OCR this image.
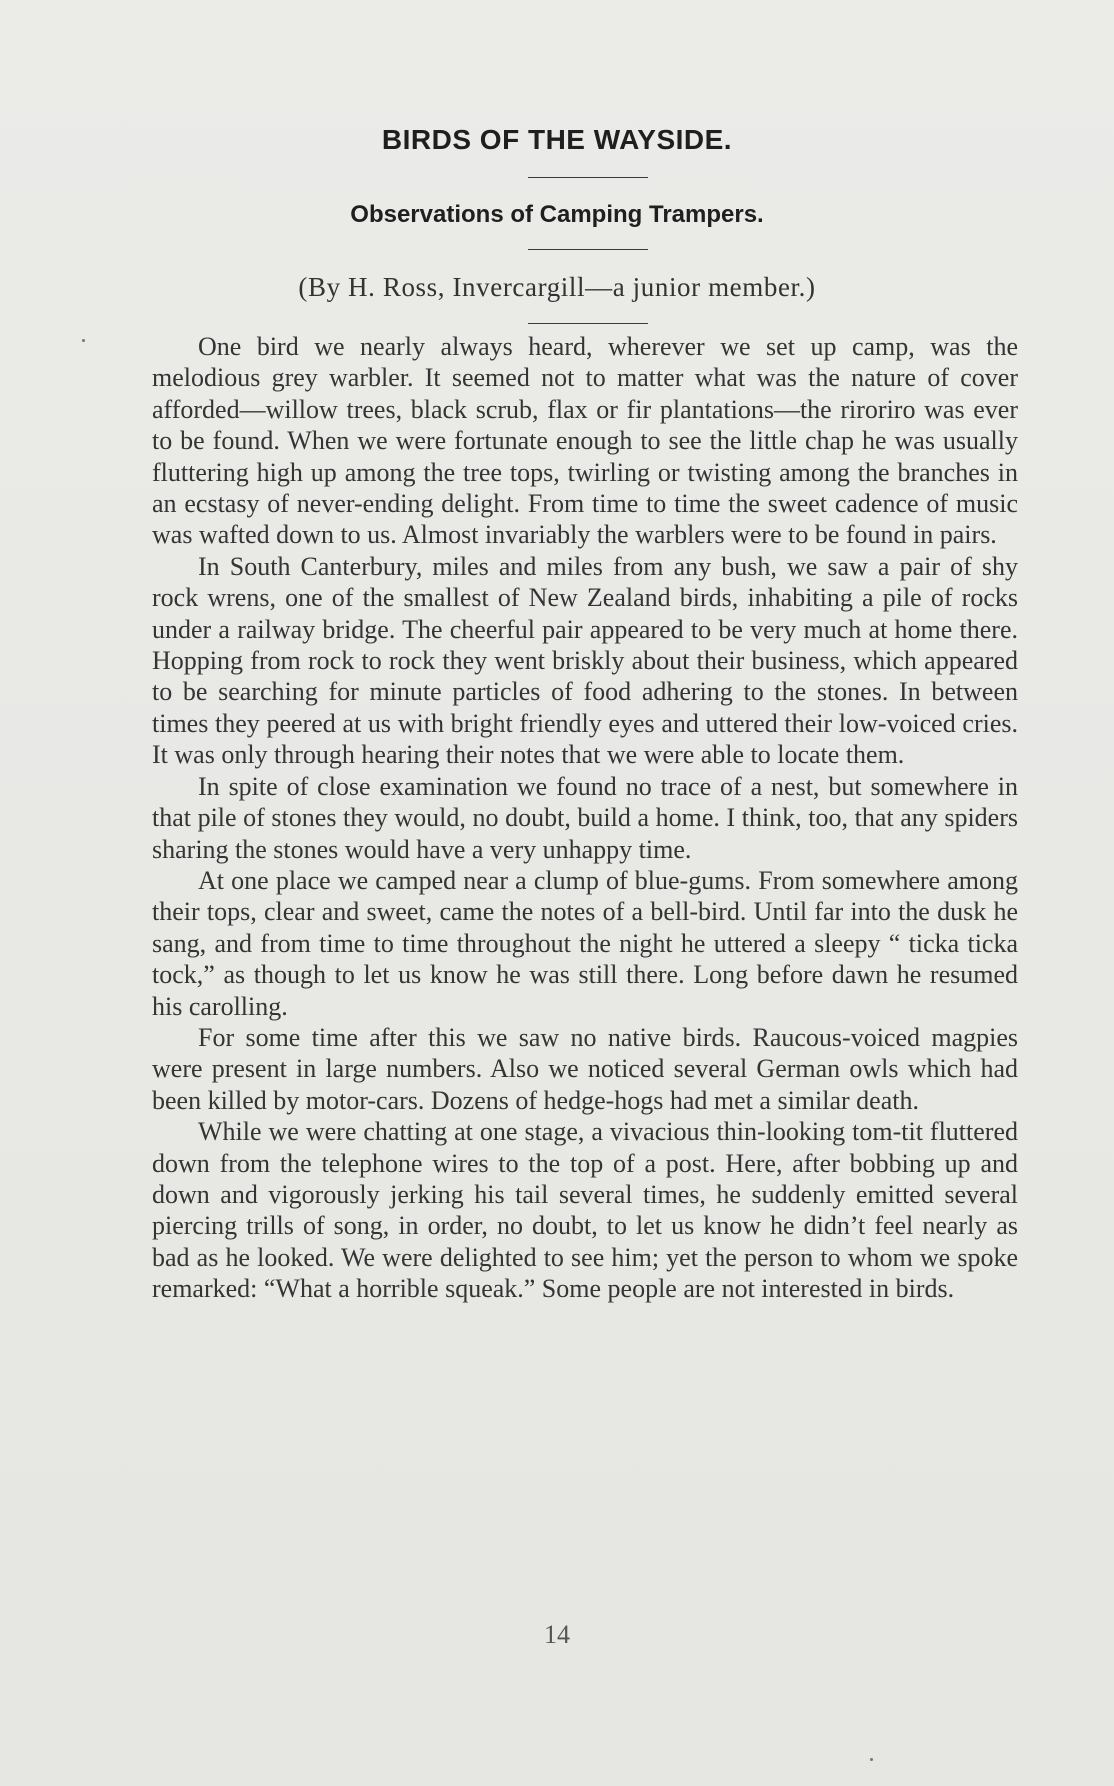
BIRDS OF THE WAYSIDE.
Observations of Camping Trampers.
(By H. Ross, Invercargill—a junior member.)

One bird we nearly always heard, wherever we set up camp, was the melodious grey warbler. It seemed not to matter what was the nature of cover afforded—willow trees, black scrub, flax or fir plantations—the riroriro was ever to be found. When we were fortunate enough to see the little chap he was usually fluttering high up among the tree tops, twirling or twisting among the branches in an ecstasy of never-ending delight. From time to time the sweet cadence of music was wafted down to us. Almost invariably the warblers were to be found in pairs.

In South Canterbury, miles and miles from any bush, we saw a pair of shy rock wrens, one of the smallest of New Zealand birds, inhabiting a pile of rocks under a railway bridge. The cheerful pair appeared to be very much at home there. Hopping from rock to rock they went briskly about their business, which appeared to be searching for minute particles of food adhering to the stones. In between times they peered at us with bright friendly eyes and uttered their low-voiced cries. It was only through hearing their notes that we were able to locate them.

In spite of close examination we found no trace of a nest, but somewhere in that pile of stones they would, no doubt, build a home. I think, too, that any spiders sharing the stones would have a very unhappy time.

At one place we camped near a clump of blue-gums. From somewhere among their tops, clear and sweet, came the notes of a bell-bird. Until far into the dusk he sang, and from time to time throughout the night he uttered a sleepy “ ticka ticka tock,” as though to let us know he was still there. Long before dawn he resumed his carolling.

For some time after this we saw no native birds. Raucous-voiced magpies were present in large numbers. Also we noticed several German owls which had been killed by motor-cars. Dozens of hedge-hogs had met a similar death.

While we were chatting at one stage, a vivacious thin-looking tom-tit fluttered down from the telephone wires to the top of a post. Here, after bobbing up and down and vigorously jerking his tail several times, he suddenly emitted several piercing trills of song, in order, no doubt, to let us know he didn’t feel nearly as bad as he looked. We were delighted to see him; yet the person to whom we spoke remarked: “What a horrible squeak.” Some people are not interested in birds.

14
